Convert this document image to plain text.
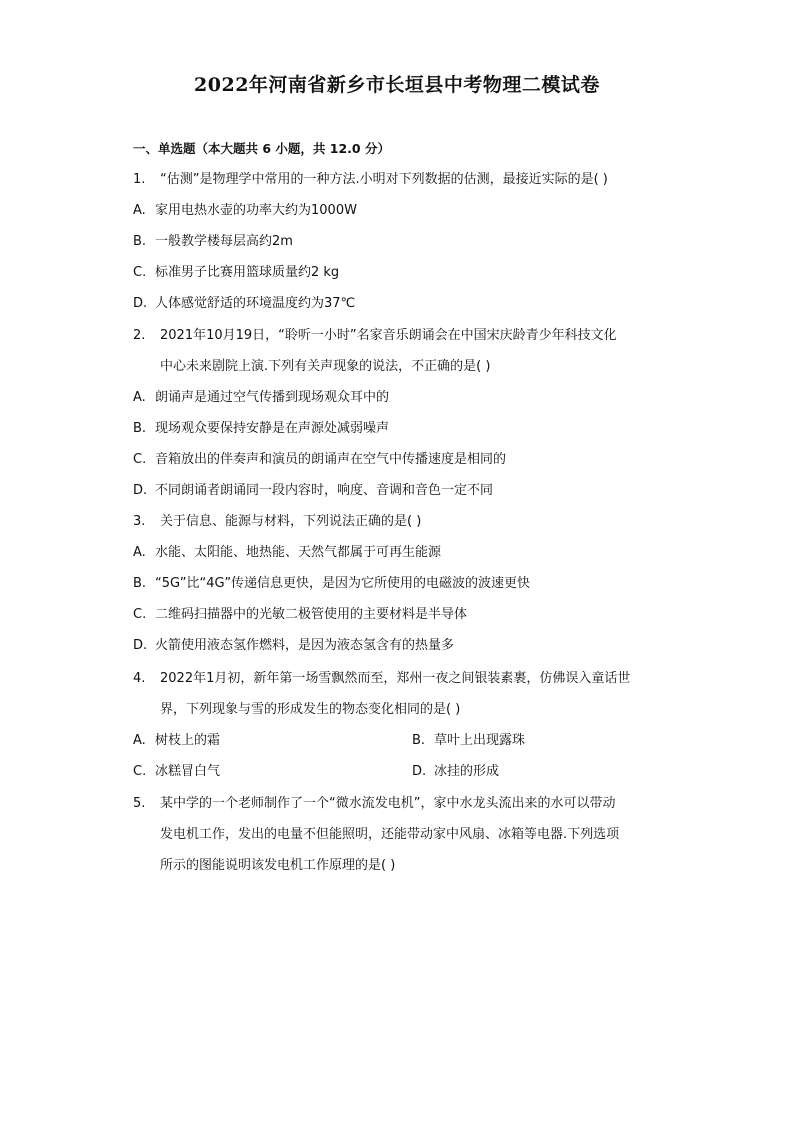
2022年河南省新乡市长垣县中考物理二模试卷
一、单选题（本大题共 6 小题，共 12.0 分）
1. “估测”是物理学中常用的一种方法.小明对下列数据的估测，最接近实际的是( )
A. 家用电热水壶的功率大约为1000W
B. 一般教学楼每层高约2m
C. 标准男子比赛用篮球质量约2 kg
D. 人体感觉舒适的环境温度约为37℃
2. 2021年10月19日，“聆听一小时”名家音乐朗诵会在中国宋庆龄青少年科技文化
中心未来剧院上演.下列有关声现象的说法，不正确的是( )
A. 朗诵声是通过空气传播到现场观众耳中的
B. 现场观众要保持安静是在声源处减弱噪声
C. 音箱放出的伴奏声和演员的朗诵声在空气中传播速度是相同的
D. 不同朗诵者朗诵同一段内容时，响度、音调和音色一定不同
3. 关于信息、能源与材料，下列说法正确的是( )
A. 水能、太阳能、地热能、天然气都属于可再生能源
B. “5G”比“4G”传递信息更快，是因为它所使用的电磁波的波速更快
C. 二维码扫描器中的光敏二极管使用的主要材料是半导体
D. 火箭使用液态氢作燃料，是因为液态氢含有的热量多
4. 2022年1月初，新年第一场雪飘然而至，郑州一夜之间银装素裹，仿佛误入童话世
界，下列现象与雪的形成发生的物态变化相同的是( )
A. 树枝上的霜	B. 草叶上出现露珠
C. 冰糕冒白气	D. 冰挂的形成
5. 某中学的一个老师制作了一个“微水流发电机”，家中水龙头流出来的水可以带动
发电机工作，发出的电量不但能照明，还能带动家中风扇、冰箱等电器.下列选项
所示的图能说明该发电机工作原理的是( )
